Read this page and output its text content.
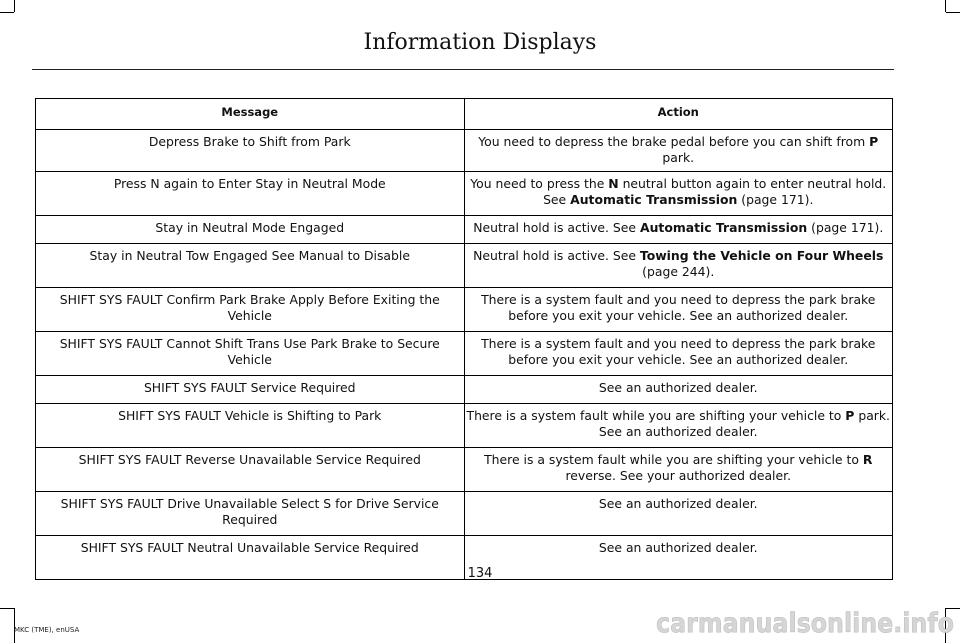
Information Displays
Message	Action
Depress Brake to Shift from Park	You need to depress the brake pedal before you can shift from P park.
Press N again to Enter Stay in Neutral Mode	You need to press the N neutral button again to enter neutral hold. See Automatic Transmission (page 171).
Stay in Neutral Mode Engaged	Neutral hold is active. See Automatic Transmission (page 171).
Stay in Neutral Tow Engaged See Manual to Disable	Neutral hold is active. See Towing the Vehicle on Four Wheels (page 244).
SHIFT SYS FAULT Confirm Park Brake Apply Before Exiting the Vehicle	There is a system fault and you need to depress the park brake before you exit your vehicle. See an authorized dealer.
SHIFT SYS FAULT Cannot Shift Trans Use Park Brake to Secure Vehicle	There is a system fault and you need to depress the park brake before you exit your vehicle. See an authorized dealer.
SHIFT SYS FAULT Service Required	See an authorized dealer.
SHIFT SYS FAULT Vehicle is Shifting to Park	There is a system fault while you are shifting your vehicle to P park. See an authorized dealer.
SHIFT SYS FAULT Reverse Unavailable Service Required	There is a system fault while you are shifting your vehicle to R reverse. See your authorized dealer.
SHIFT SYS FAULT Drive Unavailable Select S for Drive Service Required	See an authorized dealer.
SHIFT SYS FAULT Neutral Unavailable Service Required	See an authorized dealer.
134
MKC (TME), enUSA	carmanualsonline.info
